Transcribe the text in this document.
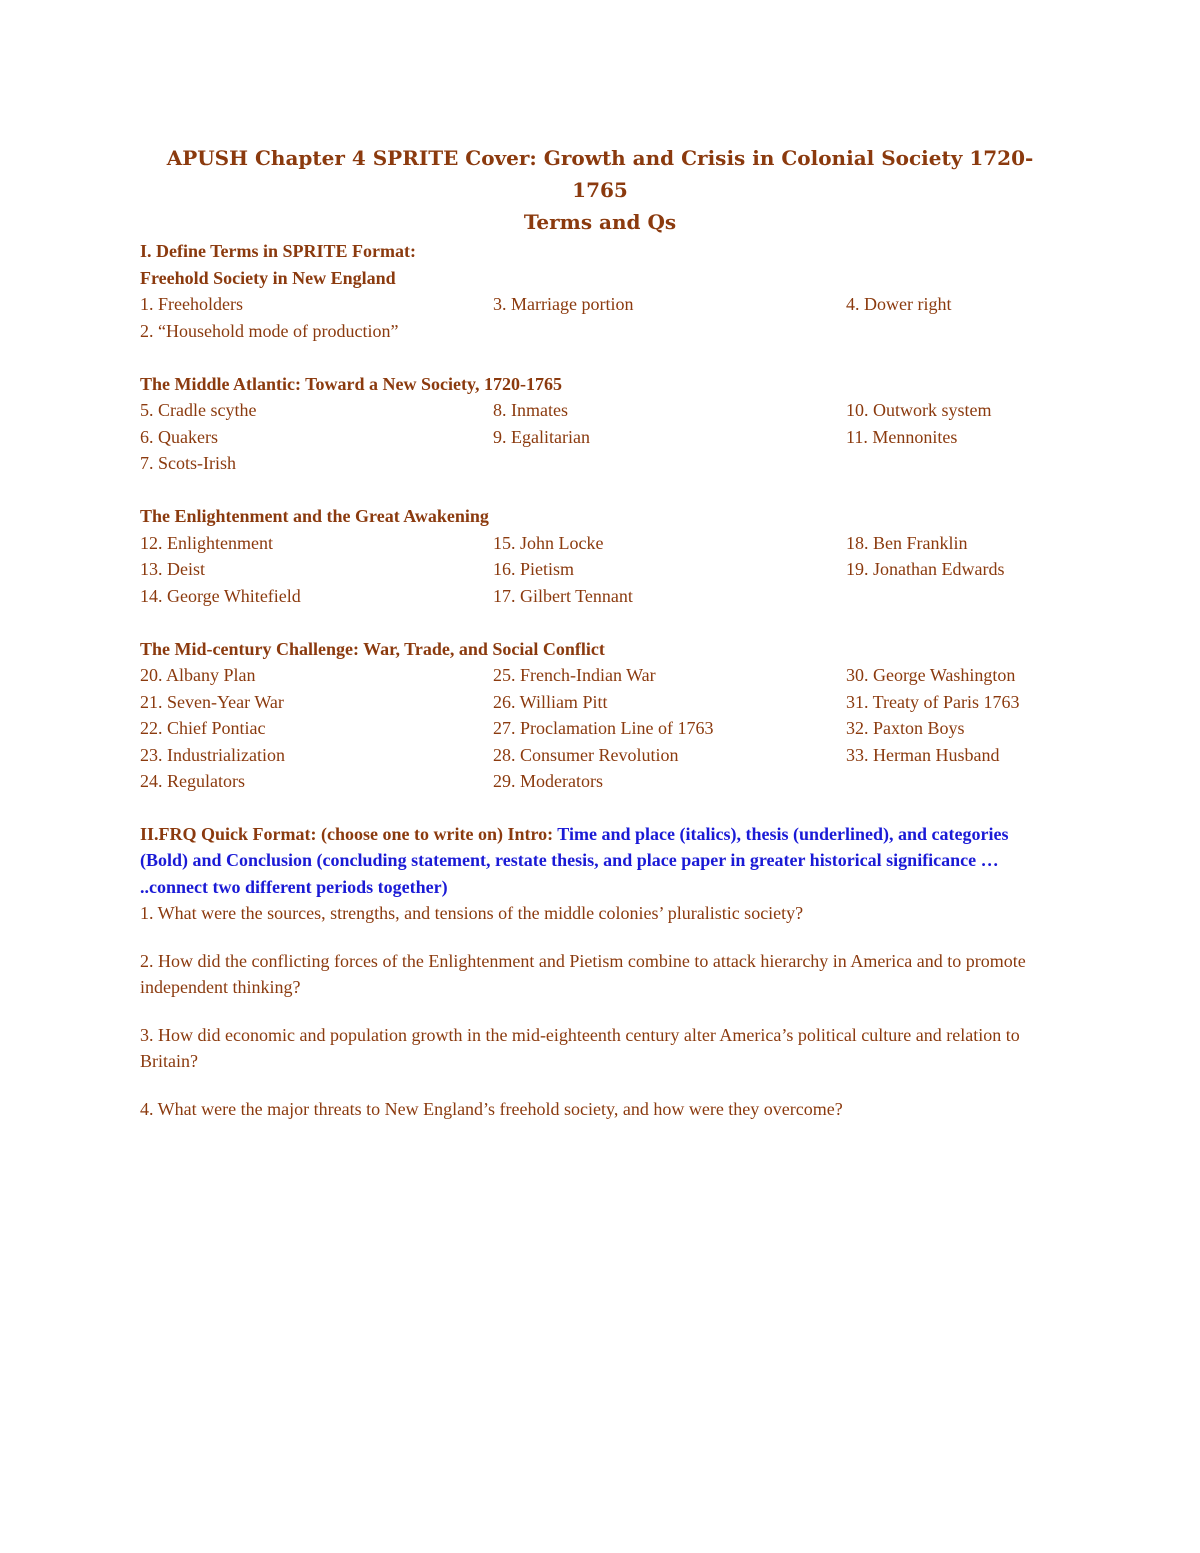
APUSH Chapter 4 SPRITE Cover: Growth and Crisis in Colonial Society 1720-1765
Terms and Qs
I. Define Terms in SPRITE Format:
Freehold Society in New England
1. Freeholders	3. Marriage portion	4. Dower right
2. “Household mode of production”
The Middle Atlantic: Toward a New Society, 1720-1765
5. Cradle scythe	8. Inmates	10. Outwork system
6. Quakers	9. Egalitarian	11. Mennonites
7. Scots-Irish
The Enlightenment and the Great Awakening
12. Enlightenment	15. John Locke	18. Ben Franklin
13. Deist	16. Pietism	19. Jonathan Edwards
14. George Whitefield	17. Gilbert Tennant
The Mid-century Challenge: War, Trade, and Social Conflict
20. Albany Plan	25. French-Indian War	30. George Washington
21. Seven-Year War	26. William Pitt	31. Treaty of Paris 1763
22. Chief Pontiac	27. Proclamation Line of 1763	32. Paxton Boys
23. Industrialization	28. Consumer Revolution	33. Herman Husband
24. Regulators	29. Moderators
II.FRQ Quick Format: (choose one to write on) Intro: Time and place (italics), thesis (underlined), and categories (Bold) and Conclusion (concluding statement, restate thesis, and place paper in greater historical significance … ..connect two different periods together)

1. What were the sources, strengths, and tensions of the middle colonies’ pluralistic society?

2. How did the conflicting forces of the Enlightenment and Pietism combine to attack hierarchy in America and to promote independent thinking?

3. How did economic and population growth in the mid-eighteenth century alter America’s political culture and relation to Britain?

4. What were the major threats to New England’s freehold society, and how were they overcome?
